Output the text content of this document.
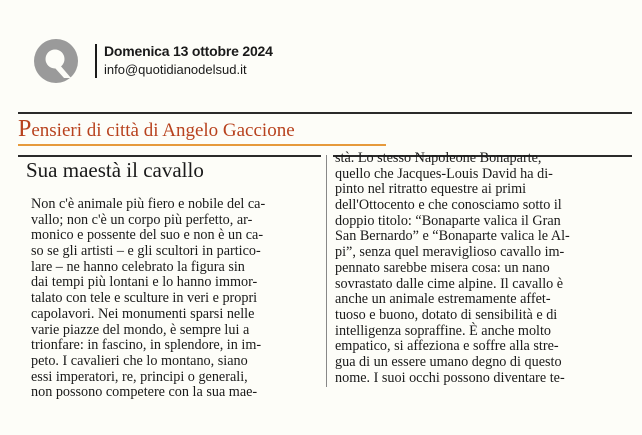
Domenica 13 ottobre 2024
info@quotidianodelsud.it
Pensieri di città di Angelo Gaccione
Sua maestà il cavallo
Non c'è animale più fiero e nobile del ca-
vallo; non c'è un corpo più perfetto, ar-
monico e possente del suo e non è un ca-
so se gli artisti – e gli scultori in partico-
lare – ne hanno celebrato la figura sin
dai tempi più lontani e lo hanno immor-
talato con tele e sculture in veri e propri
capolavori. Nei monumenti sparsi nelle
varie piazze del mondo, è sempre lui a
trionfare: in fascino, in splendore, in im-
peto. I cavalieri che lo montano, siano
essi imperatori, re, principi o generali,
non possono competere con la sua mae-
stà. Lo stesso Napoleone Bonaparte,
quello che Jacques-Louis David ha di-
pinto nel ritratto equestre ai primi
dell'Ottocento e che conosciamo sotto il
doppio titolo: “Bonaparte valica il Gran
San Bernardo” e “Bonaparte valica le Al-
pi”, senza quel meraviglioso cavallo im-
pennato sarebbe misera cosa: un nano
sovrastato dalle cime alpine. Il cavallo è
anche un animale estremamente affet-
tuoso e buono, dotato di sensibilità e di
intelligenza sopraffine. È anche molto
empatico, si affeziona e soffre alla stre-
gua di un essere umano degno di questo
nome. I suoi occhi possono diventare te-
